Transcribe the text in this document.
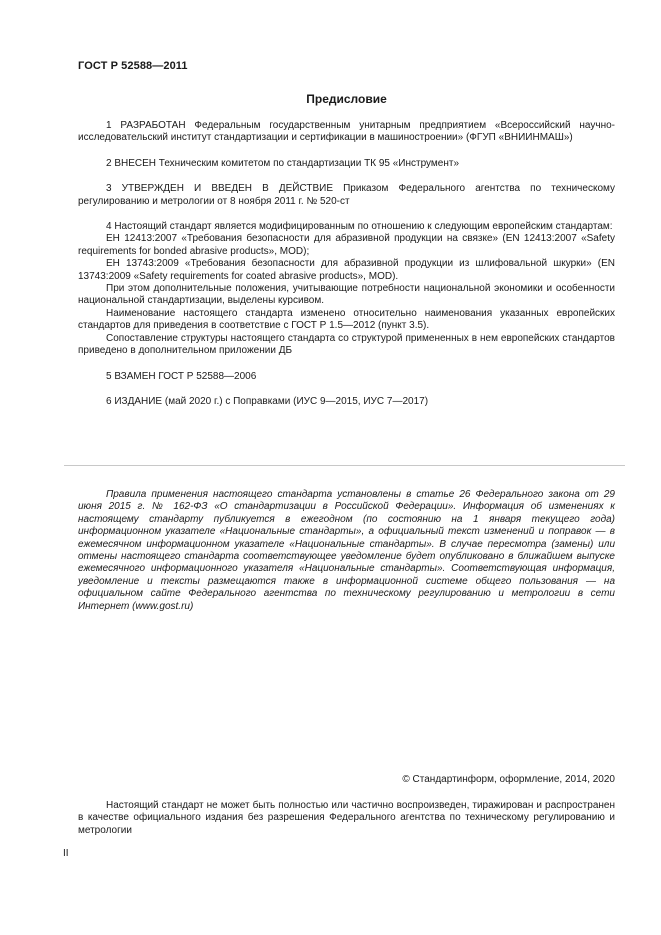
ГОСТ Р 52588—2011
Предисловие

1 РАЗРАБОТАН Федеральным государственным унитарным предприятием «Всероссийский научно-исследовательский институт стандартизации и сертификации в машиностроении» (ФГУП «ВНИИНМАШ»)

2 ВНЕСЕН Техническим комитетом по стандартизации ТК 95 «Инструмент»

3 УТВЕРЖДЕН И ВВЕДЕН В ДЕЙСТВИЕ Приказом Федерального агентства по техническому регулированию и метрологии от 8 ноября 2011 г. № 520-ст

4 Настоящий стандарт является модифицированным по отношению к следующим европейским стандартам:

ЕН 12413:2007 «Требования безопасности для абразивной продукции на связке» (EN 12413:2007 «Safety requirements for bonded abrasive products», MOD);

ЕН 13743:2009 «Требования безопасности для абразивной продукции из шлифовальной шкурки» (EN 13743:2009 «Safety requirements for coated abrasive products», MOD).

При этом дополнительные положения, учитывающие потребности национальной экономики и особенности национальной стандартизации, выделены курсивом.

Наименование настоящего стандарта изменено относительно наименования указанных европейских стандартов для приведения в соответствие с ГОСТ Р 1.5—2012 (пункт 3.5).

Сопоставление структуры настоящего стандарта со структурой примененных в нем европейских стандартов приведено в дополнительном приложении ДБ

5 ВЗАМЕН ГОСТ Р 52588—2006

6 ИЗДАНИЕ (май 2020 г.) с Поправками (ИУС 9—2015, ИУС 7—2017)

Правила применения настоящего стандарта установлены в статье 26 Федерального закона от 29 июня 2015 г. № 162-ФЗ «О стандартизации в Российской Федерации». Информация об изменениях к настоящему стандарту публикуется в ежегодном (по состоянию на 1 января текущего года) информационном указателе «Национальные стандарты», а официальный текст изменений и поправок — в ежемесячном информационном указателе «Национальные стандарты». В случае пересмотра (замены) или отмены настоящего стандарта соответствующее уведомление будет опубликовано в ближайшем выпуске ежемесячного информационного указателя «Национальные стандарты». Соответствующая информация, уведомление и тексты размещаются также в информационной системе общего пользования — на официальном сайте Федерального агентства по техническому регулированию и метрологии в сети Интернет (www.gost.ru)

© Стандартинформ, оформление, 2014, 2020

Настоящий стандарт не может быть полностью или частично воспроизведен, тиражирован и распространен в качестве официального издания без разрешения Федерального агентства по техническому регулированию и метрологии

II
